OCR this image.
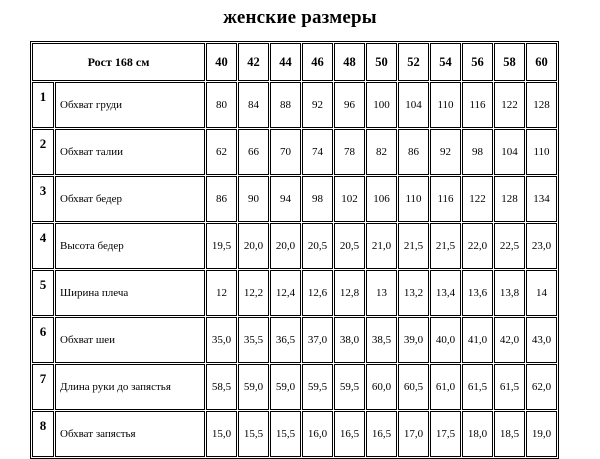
женские размеры
Рост 168 см		40	42	44	46	48	50	52	54	56	58	60
1	Обхват груди	80	84	88	92	96	100	104	110	116	122	128
2	Обхват талии	62	66	70	74	78	82	86	92	98	104	110
3	Обхват бедер	86	90	94	98	102	106	110	116	122	128	134
4	Высота бедер	19,5	20,0	20,0	20,5	20,5	21,0	21,5	21,5	22,0	22,5	23,0
5	Ширина плеча	12	12,2	12,4	12,6	12,8	13	13,2	13,4	13,6	13,8	14
6	Обхват шеи	35,0	35,5	36,5	37,0	38,0	38,5	39,0	40,0	41,0	42,0	43,0
7	Длина руки до запястья	58,5	59,0	59,0	59,5	59,5	60,0	60,5	61,0	61,5	61,5	62,0
8	Обхват запястья	15,0	15,5	15,5	16,0	16,5	16,5	17,0	17,5	18,0	18,5	19,0
